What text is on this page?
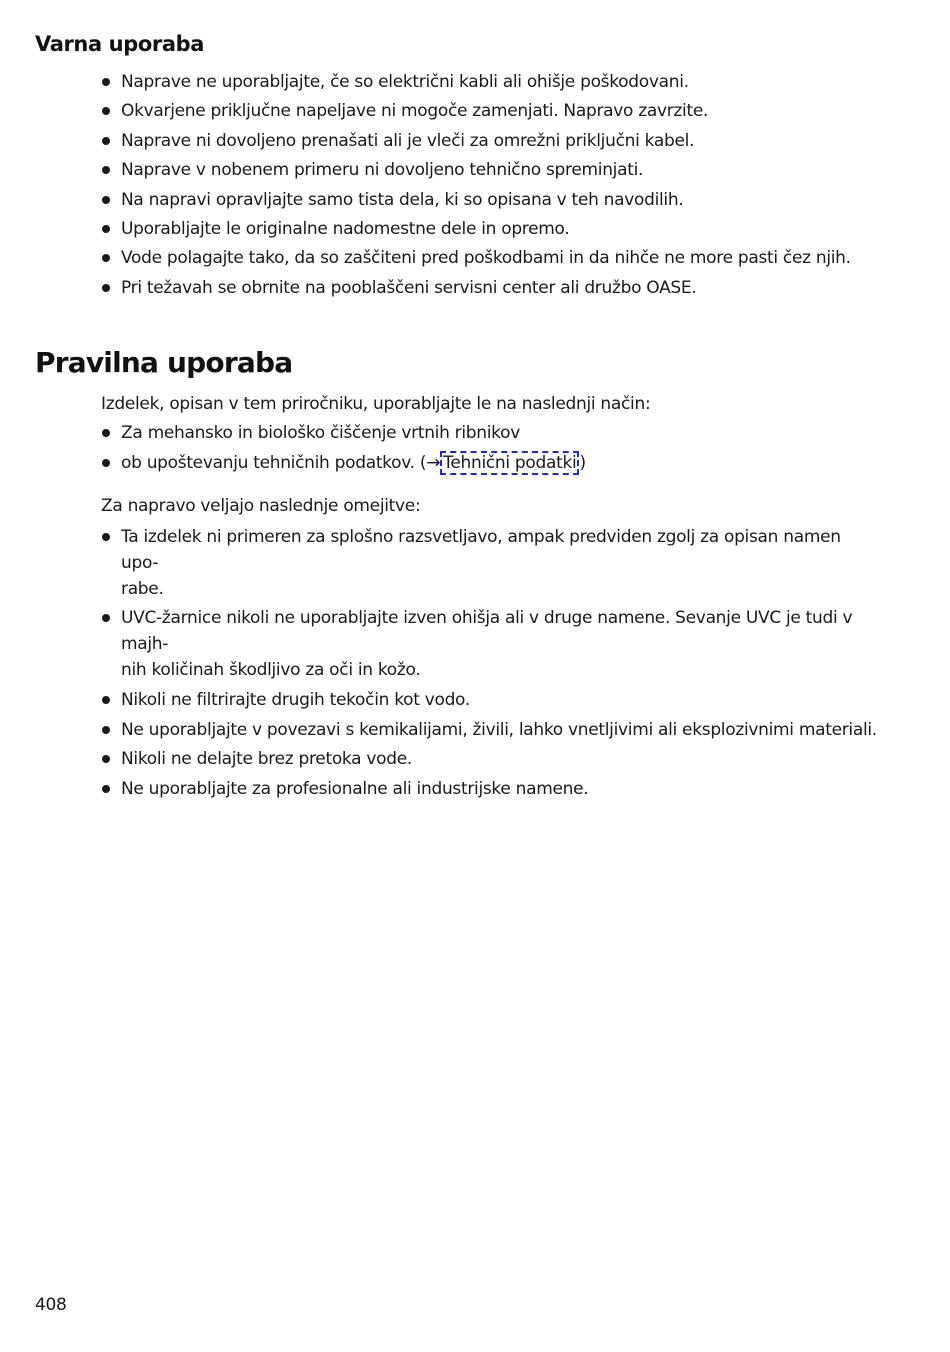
Varna uporaba
Naprave ne uporabljajte, če so električni kabli ali ohišje poškodovani.
Okvarjene priključne napeljave ni mogoče zamenjati. Napravo zavrzite.
Naprave ni dovoljeno prenašati ali je vleči za omrežni priključni kabel.
Naprave v nobenem primeru ni dovoljeno tehnično spreminjati.
Na napravi opravljajte samo tista dela, ki so opisana v teh navodilih.
Uporabljajte le originalne nadomestne dele in opremo.
Vode polagajte tako, da so zaščiteni pred poškodbami in da nihče ne more pasti čez njih.
Pri težavah se obrnite na pooblaščeni servisni center ali družbo OASE.
Pravilna uporaba

Izdelek, opisan v tem priročniku, uporabljajte le na naslednji način:

Za mehansko in biološko čiščenje vrtnih ribnikov
ob upoštevanju tehničnih podatkov. (→ Tehnični podatki )

Za napravo veljajo naslednje omejitve:

Ta izdelek ni primeren za splošno razsvetljavo, ampak predviden zgolj za opisan namen upo-
rabe.
UVC-žarnice nikoli ne uporabljajte izven ohišja ali v druge namene. Sevanje UVC je tudi v majh-
nih količinah škodljivo za oči in kožo.
Nikoli ne filtrirajte drugih tekočin kot vodo.
Ne uporabljajte v povezavi s kemikalijami, živili, lahko vnetljivimi ali eksplozivnimi materiali.
Nikoli ne delajte brez pretoka vode.
Ne uporabljajte za profesionalne ali industrijske namene.
408
